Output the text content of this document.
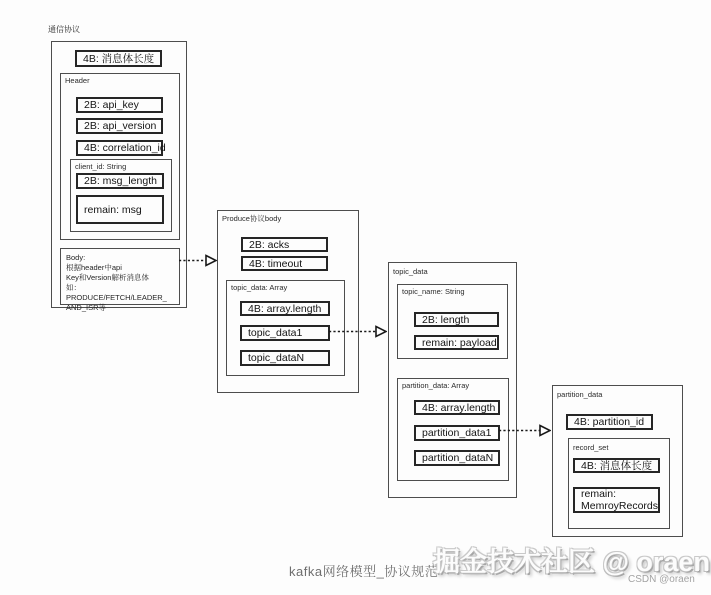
通信协议
4B: 消息体长度
Header
2B: api_key
2B: api_version
4B: correlation_id
client_id: String
2B: msg_length
remain: msg
Body:
根据header中api
Key和Version解析消息体
如： PRODUCE/FETCH/LEADER_
AND_ISR等
Produce协议body
2B: acks
4B: timeout
topic_data: Array
4B: array.length
topic_data1
topic_dataN
topic_data
topic_name: String
2B: length
remain: payload
partition_data: Array
4B: array.length
partition_data1
partition_dataN
partition_data
4B: partition_id
record_set
4B: 消息体长度
remain:
MemroyRecords
kafka网络模型_协议规范
掘金技术社区 @ oraen
CSDN @oraen
